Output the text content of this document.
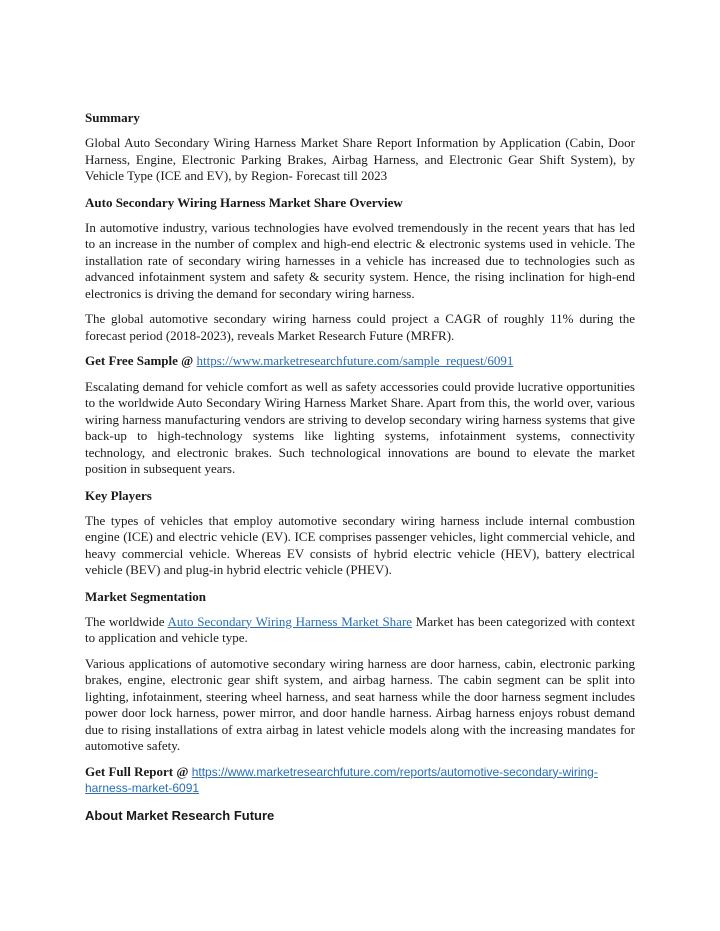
Summary

Global Auto Secondary Wiring Harness Market Share Report Information by Application (Cabin, Door Harness, Engine, Electronic Parking Brakes, Airbag Harness, and Electronic Gear Shift System), by Vehicle Type (ICE and EV), by Region- Forecast till 2023

Auto Secondary Wiring Harness Market Share Overview

In automotive industry, various technologies have evolved tremendously in the recent years that has led to an increase in the number of complex and high-end electric & electronic systems used in vehicle. The installation rate of secondary wiring harnesses in a vehicle has increased due to technologies such as advanced infotainment system and safety & security system. Hence, the rising inclination for high-end electronics is driving the demand for secondary wiring harness.

The global automotive secondary wiring harness could project a CAGR of roughly 11% during the forecast period (2018-2023), reveals Market Research Future (MRFR).

Get Free Sample @ https://www.marketresearchfuture.com/sample_request/6091

Escalating demand for vehicle comfort as well as safety accessories could provide lucrative opportunities to the worldwide Auto Secondary Wiring Harness Market Share. Apart from this, the world over, various wiring harness manufacturing vendors are striving to develop secondary wiring harness systems that give back-up to high-technology systems like lighting systems, infotainment systems, connectivity technology, and electronic brakes. Such technological innovations are bound to elevate the market position in subsequent years.

Key Players

The types of vehicles that employ automotive secondary wiring harness include internal combustion engine (ICE) and electric vehicle (EV). ICE comprises passenger vehicles, light commercial vehicle, and heavy commercial vehicle. Whereas EV consists of hybrid electric vehicle (HEV), battery electrical vehicle (BEV) and plug-in hybrid electric vehicle (PHEV).

Market Segmentation

The worldwide Auto Secondary Wiring Harness Market Share Market has been categorized with context to application and vehicle type.

Various applications of automotive secondary wiring harness are door harness, cabin, electronic parking brakes, engine, electronic gear shift system, and airbag harness. The cabin segment can be split into lighting, infotainment, steering wheel harness, and seat harness while the door harness segment includes power door lock harness, power mirror, and door handle harness. Airbag harness enjoys robust demand due to rising installations of extra airbag in latest vehicle models along with the increasing mandates for automotive safety.

Get Full Report @ https://www.marketresearchfuture.com/reports/automotive-secondary-wiring-harness-market-6091

About Market Research Future
